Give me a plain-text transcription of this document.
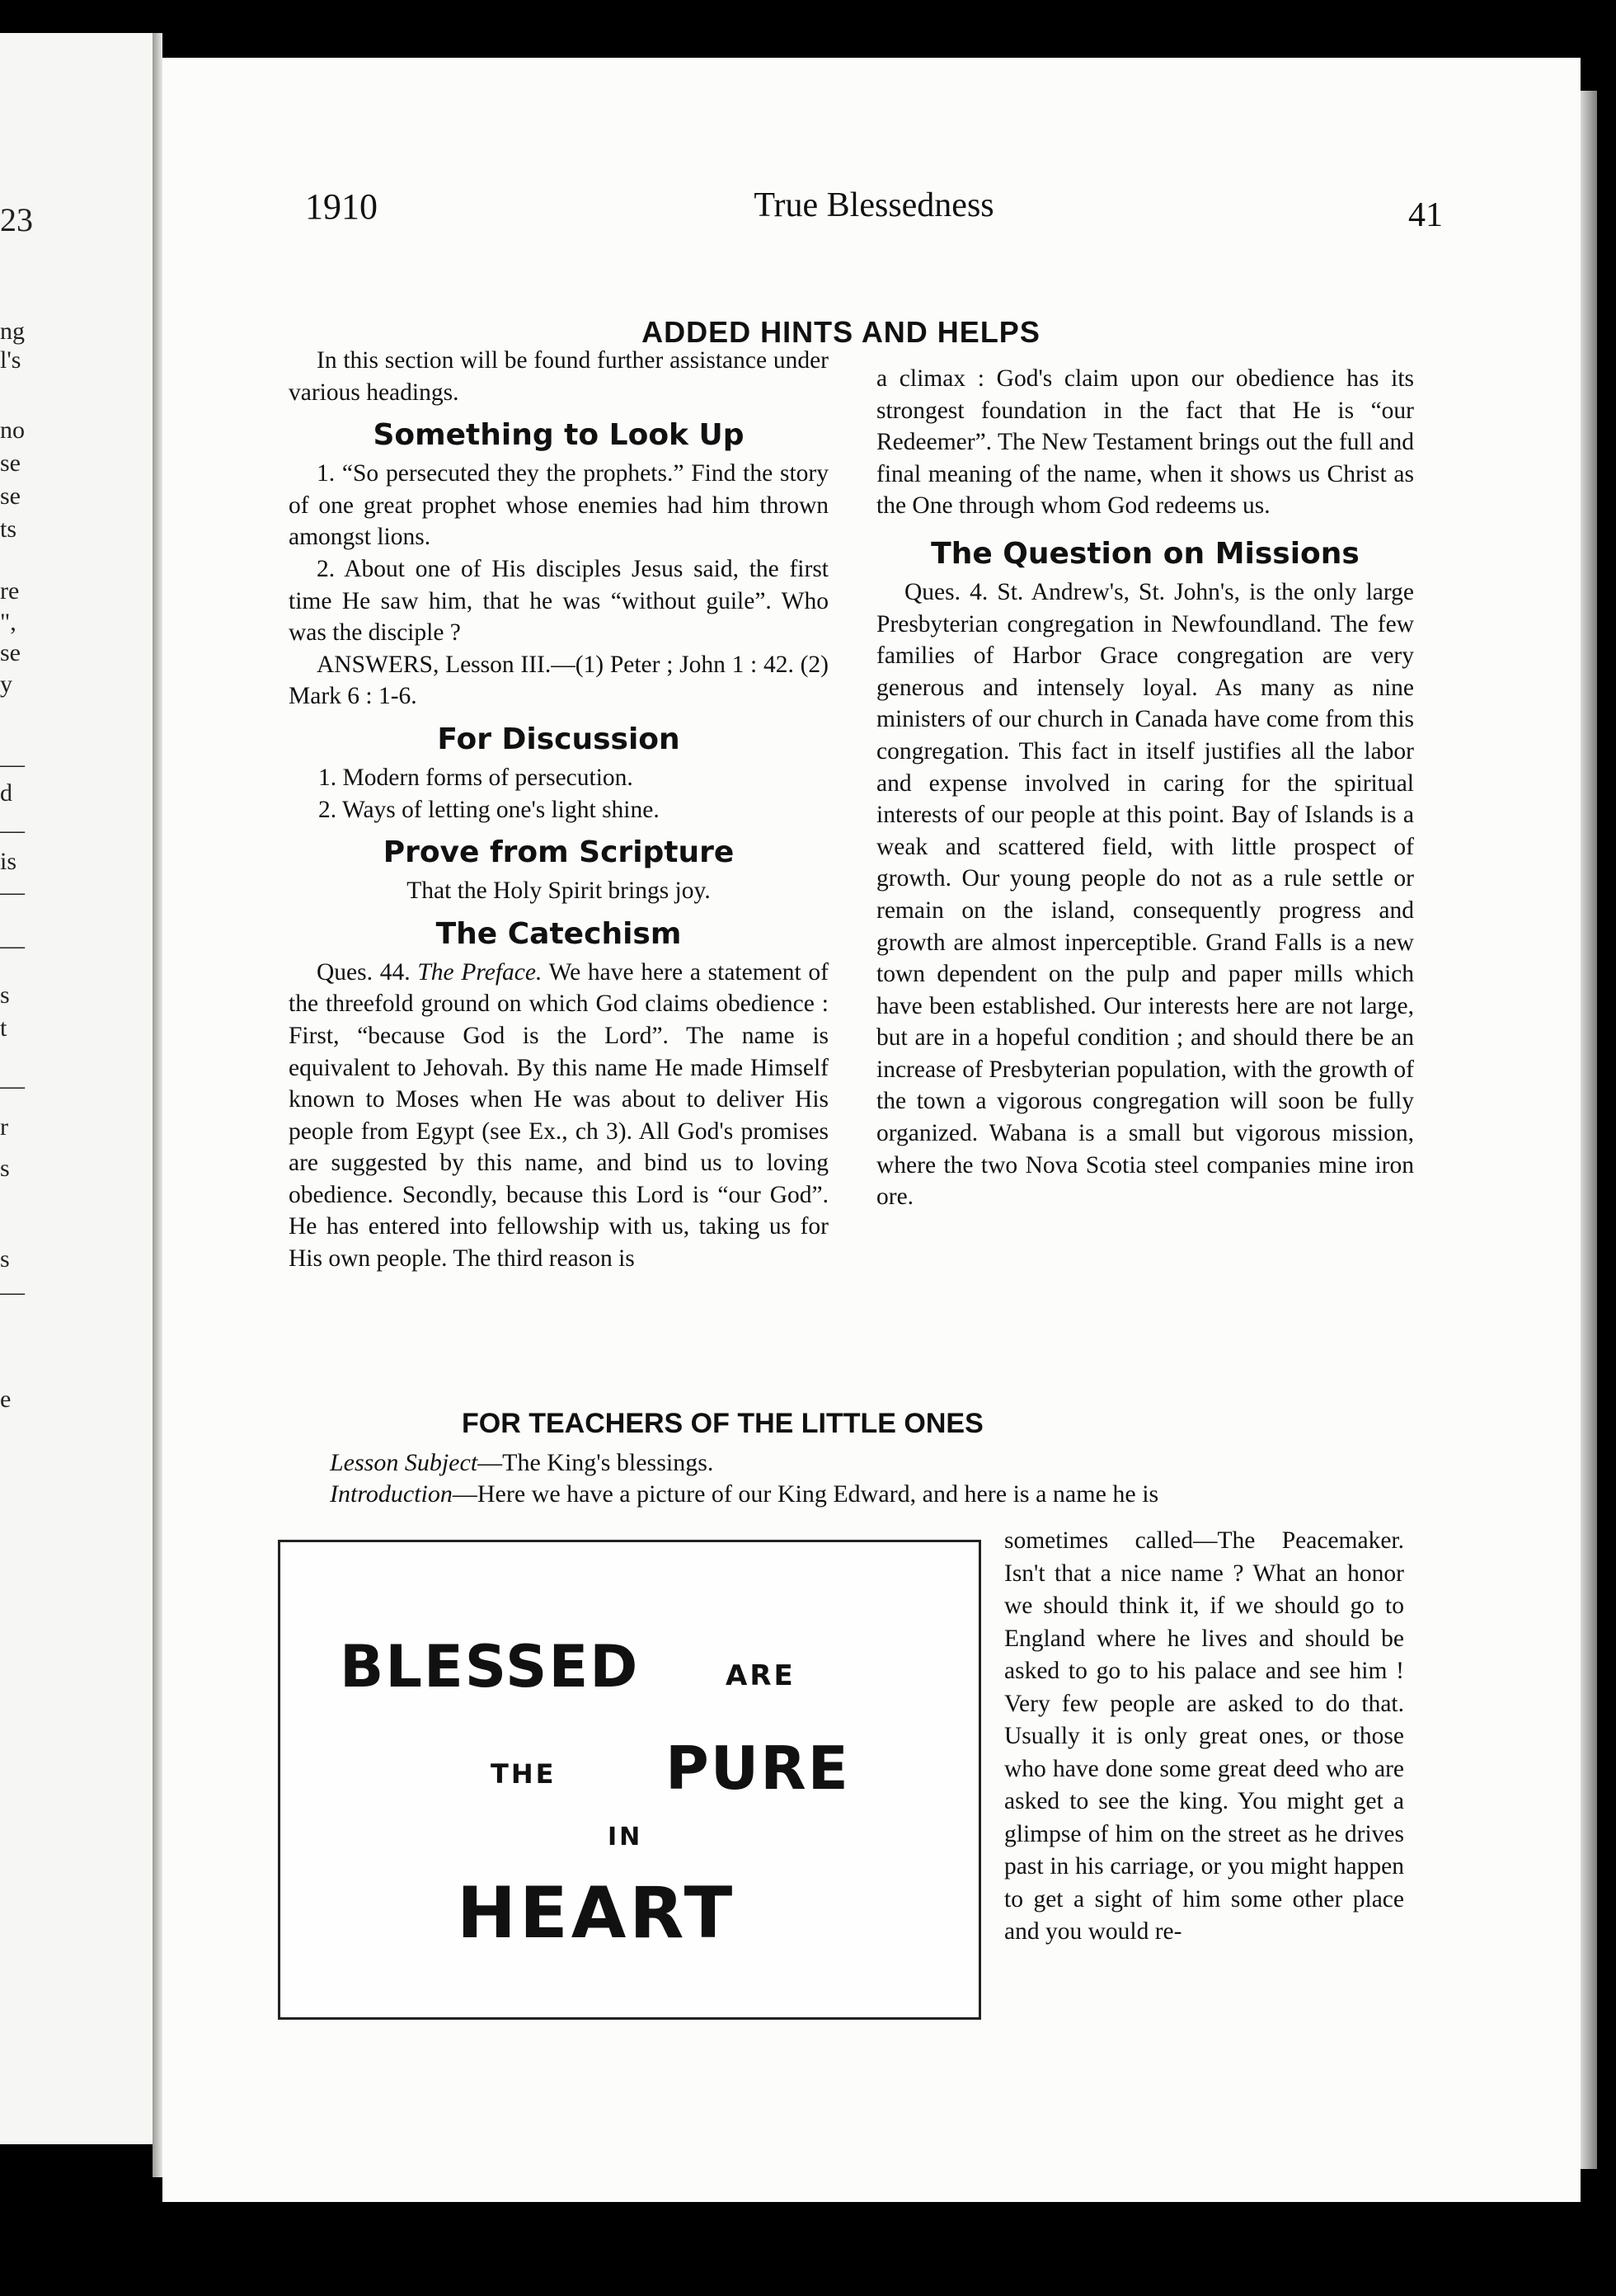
23
ng
l's
no
se
se
ts
re
",
se
y
—
d
—
is
—
—
s
t
—
r
s
s
—
e
1910	True Blessedness	41
ADDED HINTS AND HELPS

In this section will be found further assistance under various headings.

Something to Look Up

1. “So persecuted they the prophets.” Find the story of one great prophet whose enemies had him thrown amongst lions.

2. About one of His disciples Jesus said, the first time He saw him, that he was “without guile”. Who was the disciple ?

ANSWERS, Lesson III.—(1) Peter ; John 1 : 42. (2) Mark 6 : 1-6.

For Discussion

1. Modern forms of persecution.

2. Ways of letting one's light shine.

Prove from Scripture

That the Holy Spirit brings joy.

The Catechism

Ques. 44. The Preface. We have here a statement of the threefold ground on which God claims obedience : First, “because God is the Lord”. The name is equivalent to Jehovah. By this name He made Himself known to Moses when He was about to deliver His people from Egypt (see Ex., ch 3). All God's promises are suggested by this name, and bind us to loving obedience. Secondly, because this Lord is “our God”. He has entered into fellowship with us, taking us for His own people. The third reason is

a climax : God's claim upon our obedience has its strongest foundation in the fact that He is “our Redeemer”. The New Testament brings out the full and final meaning of the name, when it shows us Christ as the One through whom God redeems us.

The Question on Missions

Ques. 4. St. Andrew's, St. John's, is the only large Presbyterian congregation in Newfoundland. The few families of Harbor Grace congregation are very generous and intensely loyal. As many as nine ministers of our church in Canada have come from this congregation. This fact in itself justifies all the labor and expense involved in caring for the spiritual interests of our people at this point. Bay of Islands is a weak and scattered field, with little prospect of growth. Our young people do not as a rule settle or remain on the island, consequently progress and growth are almost inperceptible. Grand Falls is a new town dependent on the pulp and paper mills which have been established. Our interests here are not large, but are in a hopeful condition ; and should there be an increase of Presbyterian population, with the growth of the town a vigorous congregation will soon be fully organized. Wabana is a small but vigorous mission, where the two Nova Scotia steel companies mine iron ore.

FOR TEACHERS OF THE LITTLE ONES

Lesson Subject—The King's blessings.

Introduction—Here we have a picture of our King Edward, and here is a name he is

BLESSED	ARE
THE PURE
IN
HEART
sometimes called—The Peacemaker. Isn't that a nice name ? What an honor we should think it, if we should go to England where he lives and should be asked to go to his palace and see him ! Very few people are asked to do that. Usually it is only great ones, or those who have done some great deed who are asked to see the king. You might get a glimpse of him on the street as he drives past in his carriage, or you might happen to get a sight of him some other place and you would re-
